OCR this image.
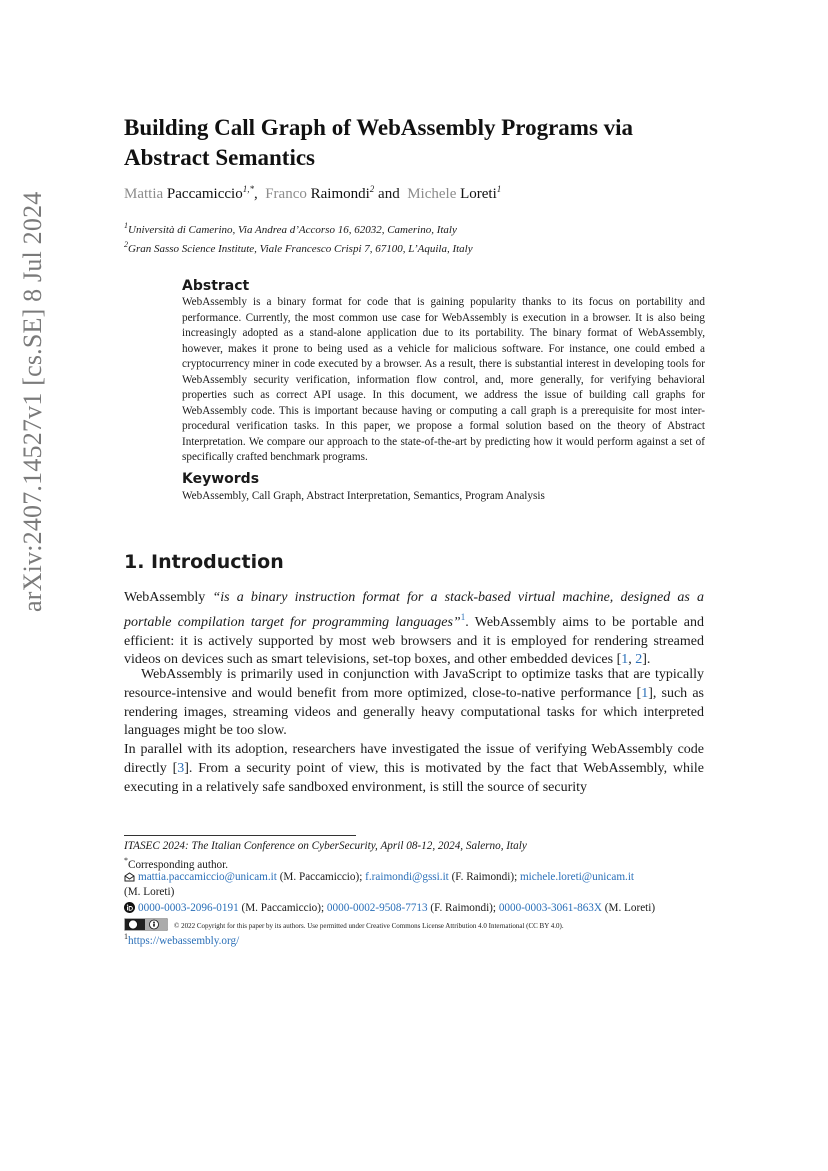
arXiv:2407.14527v1 [cs.SE] 8 Jul 2024
Building Call Graph of WebAssembly Programs via
Abstract Semantics
Mattia Paccamiccio$^{1,*}$, Franco Raimondi$^2$ and Michele Loreti$^1$
$^1$Università di Camerino, Via Andrea d’Accorso 16, 62032, Camerino, Italy
$^2$Gran Sasso Science Institute, Viale Francesco Crispi 7, 67100, L’Aquila, Italy
Abstract
WebAssembly is a binary format for code that is gaining popularity thanks to its focus on portability and performance. Currently, the most common use case for WebAssembly is execution in a browser. It is also being increasingly adopted as a stand-alone application due to its portability. The binary format of WebAssembly, however, makes it prone to being used as a vehicle for malicious software. For instance, one could embed a cryptocurrency miner in code executed by a browser. As a result, there is substantial interest in developing tools for WebAssembly security verification, information flow control, and, more generally, for verifying behavioral properties such as correct API usage. In this document, we address the issue of building call graphs for WebAssembly code. This is important because having or computing a call graph is a prerequisite for most inter-procedural verification tasks. In this paper, we propose a formal solution based on the theory of Abstract Interpretation. We compare our approach to the state-of-the-art by predicting how it would perform against a set of specifically crafted benchmark programs.
Keywords
WebAssembly, Call Graph, Abstract Interpretation, Semantics, Program Analysis
1. Introduction

WebAssembly “is a binary instruction format for a stack-based virtual machine, designed as a portable compilation target for programming languages”$^1$. WebAssembly aims to be portable and efficient: it is actively supported by most web browsers and it is employed for rendering streamed videos on devices such as smart televisions, set-top boxes, and other embedded devices [1, 2].

WebAssembly is primarily used in conjunction with JavaScript to optimize tasks that are typically resource-intensive and would benefit from more optimized, close-to-native performance [1], such as rendering images, streaming videos and generally heavy computational tasks for which interpreted languages might be too slow.

In parallel with its adoption, researchers have investigated the issue of verifying WebAssembly code directly [3]. From a security point of view, this is motivated by the fact that WebAssembly, while executing in a relatively safe sandboxed environment, is still the source of security

ITASEC 2024: The Italian Conference on CyberSecurity, April 08-12, 2024, Salerno, Italy
*Corresponding author.
mattia.paccamiccio@unicam.it (M. Paccamiccio); f.raimondi@gssi.it (F. Raimondi); michele.loreti@unicam.it
(M. Loreti)
0000-0003-2096-0191 (M. Paccamiccio); 0000-0002-9508-7713 (F. Raimondi); 0000-0003-3061-863X (M. Loreti)
© 2022 Copyright for this paper by its authors. Use permitted under Creative Commons License Attribution 4.0 International (CC BY 4.0).
$^1$https://webassembly.org/
